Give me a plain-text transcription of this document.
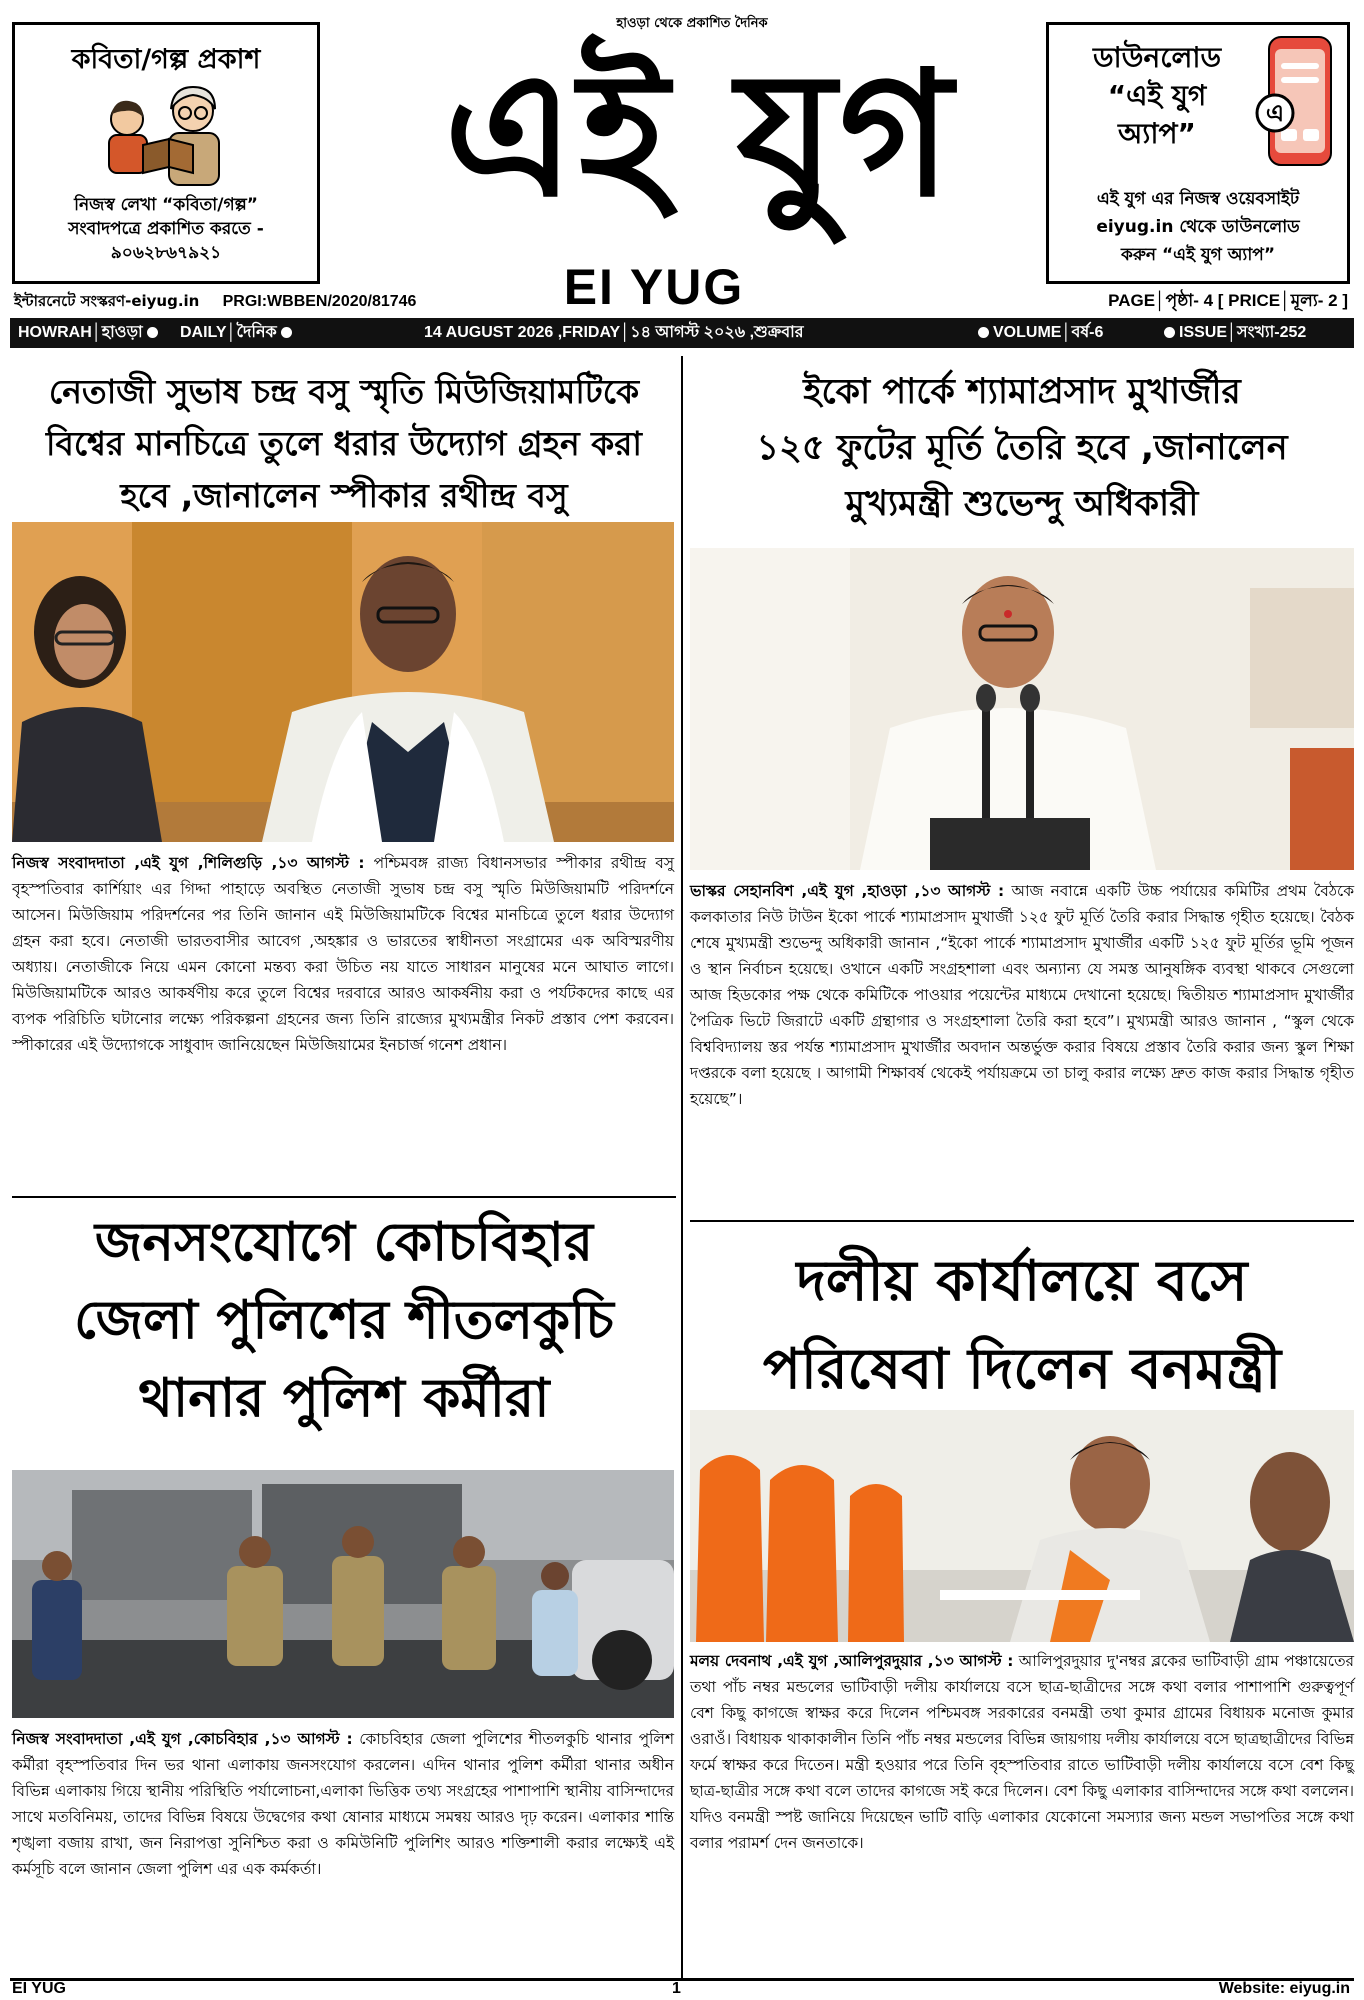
কবিতা/গল্প প্রকাশ
নিজস্ব লেখা “কবিতা/গল্প”
সংবাদপত্রে প্রকাশিত করতে -
৯০৬২৮৬৭৯২১
হাওড়া থেকে প্রকাশিত দৈনিক
এই যুগ
EI YUG
ডাউনলোড
“এই যুগ
অ্যাপ”
এ
এই যুগ এর নিজস্ব ওয়েবসাইট
eiyug.in থেকে ডাউনলোড
করুন “এই যুগ অ্যাপ”
ইন্টারনেটে সংস্করণ-eiyug.in PRGI:WBBEN/2020/81746	PAGE│পৃষ্ঠা- 4 [ PRICE│মূল্য- 2 ]
HOWRAH│হাওড়া	DAILY│দৈনিক	14 AUGUST 2026 ,FRIDAY│১৪ আগস্ট ২০২৬ ,শুক্রবার	VOLUME│বর্ষ-6	ISSUE│সংখ্যা-252
নেতাজী সুভাষ চন্দ্র বসু স্মৃতি মিউজিয়ামটিকে
বিশ্বের মানচিত্রে তুলে ধরার উদ্যোগ গ্রহন করা
হবে ,জানালেন স্পীকার রথীন্দ্র বসু
নিজস্ব সংবাদদাতা ,এই যুগ ,শিলিগুড়ি ,১৩ আগস্ট : পশ্চিমবঙ্গ রাজ্য বিধানসভার স্পীকার রথীন্দ্র বসু বৃহস্পতিবার কার্শিয়াং এর গিদ্দা পাহাড়ে অবস্থিত নেতাজী সুভাষ চন্দ্র বসু স্মৃতি মিউজিয়ামটি পরিদর্শনে আসেন। মিউজিয়াম পরিদর্শনের পর তিনি জানান এই মিউজিয়ামটিকে বিশ্বের মানচিত্রে তুলে ধরার উদ্যোগ গ্রহন করা হবে। নেতাজী ভারতবাসীর আবেগ ,অহঙ্কার ও ভারতের স্বাধীনতা সংগ্রামের এক অবিস্মরণীয় অধ্যায়। নেতাজীকে নিয়ে এমন কোনো মন্তব্য করা উচিত নয় যাতে সাধারন মানুষের মনে আঘাত লাগে। মিউজিয়ামটিকে আরও আকর্ষণীয় করে তুলে বিশ্বের দরবারে আরও আকর্ষনীয় করা ও পর্যটকদের কাছে এর ব্যপক পরিচিতি ঘটানোর লক্ষ্যে পরিকল্পনা গ্রহনের জন্য তিনি রাজ্যের মুখ্যমন্ত্রীর নিকট প্রস্তাব পেশ করবেন। স্পীকারের এই উদ্যোগকে সাধুবাদ জানিয়েছেন মিউজিয়ামের ইনচার্জ গনেশ প্রধান।
ইকো পার্কে শ্যামাপ্রসাদ মুখার্জীর
১২৫ ফুটের মূর্তি তৈরি হবে ,জানালেন
মুখ্যমন্ত্রী শুভেন্দু অধিকারী
ভাস্কর সেহানবিশ ,এই যুগ ,হাওড়া ,১৩ আগস্ট : আজ নবান্নে একটি উচ্চ পর্যায়ের কমিটির প্রথম বৈঠকে কলকাতার নিউ টাউন ইকো পার্কে শ্যামাপ্রসাদ মুখার্জী ১২৫ ফুট মূর্তি তৈরি করার সিদ্ধান্ত গৃহীত হয়েছে। বৈঠক শেষে মুখ্যমন্ত্রী শুভেন্দু অধিকারী জানান ,“ইকো পার্কে শ্যামাপ্রসাদ মুখার্জীর একটি ১২৫ ফুট মূর্তির ভূমি পূজন ও স্থান নির্বাচন হয়েছে। ওখানে একটি সংগ্রহশালা এবং অন্যান্য যে সমস্ত আনুষঙ্গিক ব্যবস্থা থাকবে সেগুলো আজ হিডকোর পক্ষ থেকে কমিটিকে পাওয়ার পয়েন্টের মাধ্যমে দেখানো হয়েছে। দ্বিতীয়ত শ্যামাপ্রসাদ মুখার্জীর পৈত্রিক ভিটে জিরাটে একটি গ্রন্থাগার ও সংগ্রহশালা তৈরি করা হবে”। মুখ্যমন্ত্রী আরও জানান , “স্কুল থেকে বিশ্ববিদ্যালয় স্তর পর্যন্ত শ্যামাপ্রসাদ মুখার্জীর অবদান অন্তর্ভুক্ত করার বিষয়ে প্রস্তাব তৈরি করার জন্য স্কুল শিক্ষা দপ্তরকে বলা হয়েছে । আগামী শিক্ষাবর্ষ থেকেই পর্যায়ক্রমে তা চালু করার লক্ষ্যে দ্রুত কাজ করার সিদ্ধান্ত গৃহীত হয়েছে”।
জনসংযোগে কোচবিহার
জেলা পুলিশের শীতলকুচি
থানার পুলিশ কর্মীরা
নিজস্ব সংবাদদাতা ,এই যুগ ,কোচবিহার ,১৩ আগস্ট : কোচবিহার জেলা পুলিশের শীতলকুচি থানার পুলিশ কর্মীরা বৃহস্পতিবার দিন ভর থানা এলাকায় জনসংযোগ করলেন। এদিন থানার পুলিশ কর্মীরা থানার অধীন বিভিন্ন এলাকায় গিয়ে স্থানীয় পরিস্থিতি পর্যালোচনা,এলাকা ভিত্তিক তথ্য সংগ্রহের পাশাপাশি স্থানীয় বাসিন্দাদের সাথে মতবিনিময়, তাদের বিভিন্ন বিষয়ে উদ্বেগের কথা ষোনার মাধ্যমে সমন্বয় আরও দৃঢ় করেন। এলাকার শান্তি শৃঙ্খলা বজায় রাখা, জন নিরাপত্তা সুনিশ্চিত করা ও কমিউনিটি পুলিশিং আরও শক্তিশালী করার লক্ষ্যেই এই কর্মসূচি বলে জানান জেলা পুলিশ এর এক কর্মকর্তা।
দলীয় কার্যালয়ে বসে
পরিষেবা দিলেন বনমন্ত্রী
মলয় দেবনাথ ,এই যুগ ,আলিপুরদুয়ার ,১৩ আগস্ট : আলিপুরদুয়ার দু'নম্বর ব্লকের ভাটিবাড়ী গ্রাম পঞ্চায়েতের তথা পাঁচ নম্বর মন্ডলের ভাটিবাড়ী দলীয় কার্যালয়ে বসে ছাত্র-ছাত্রীদের সঙ্গে কথা বলার পাশাপাশি গুরুত্বপূর্ণ বেশ কিছু কাগজে স্বাক্ষর করে দিলেন পশ্চিমবঙ্গ সরকারের বনমন্ত্রী তথা কুমার গ্রামের বিধায়ক মনোজ কুমার ওরাওঁ। বিধায়ক থাকাকালীন তিনি পাঁচ নম্বর মন্ডলের বিভিন্ন জায়গায় দলীয় কার্যালয়ে বসে ছাত্রছাত্রীদের বিভিন্ন ফর্মে স্বাক্ষর করে দিতেন। মন্ত্রী হওয়ার পরে তিনি বৃহস্পতিবার রাতে ভাটিবাড়ী দলীয় কার্যালয়ে বসে বেশ কিছু ছাত্র-ছাত্রীর সঙ্গে কথা বলে তাদের কাগজে সই করে দিলেন। বেশ কিছু এলাকার বাসিন্দাদের সঙ্গে কথা বললেন। যদিও বনমন্ত্রী স্পষ্ট জানিয়ে দিয়েছেন ভাটি বাড়ি এলাকার যেকোনো সমস্যার জন্য মন্ডল সভাপতির সঙ্গে কথা বলার পরামর্শ দেন জনতাকে।
EI YUG	1	Website: eiyug.in
